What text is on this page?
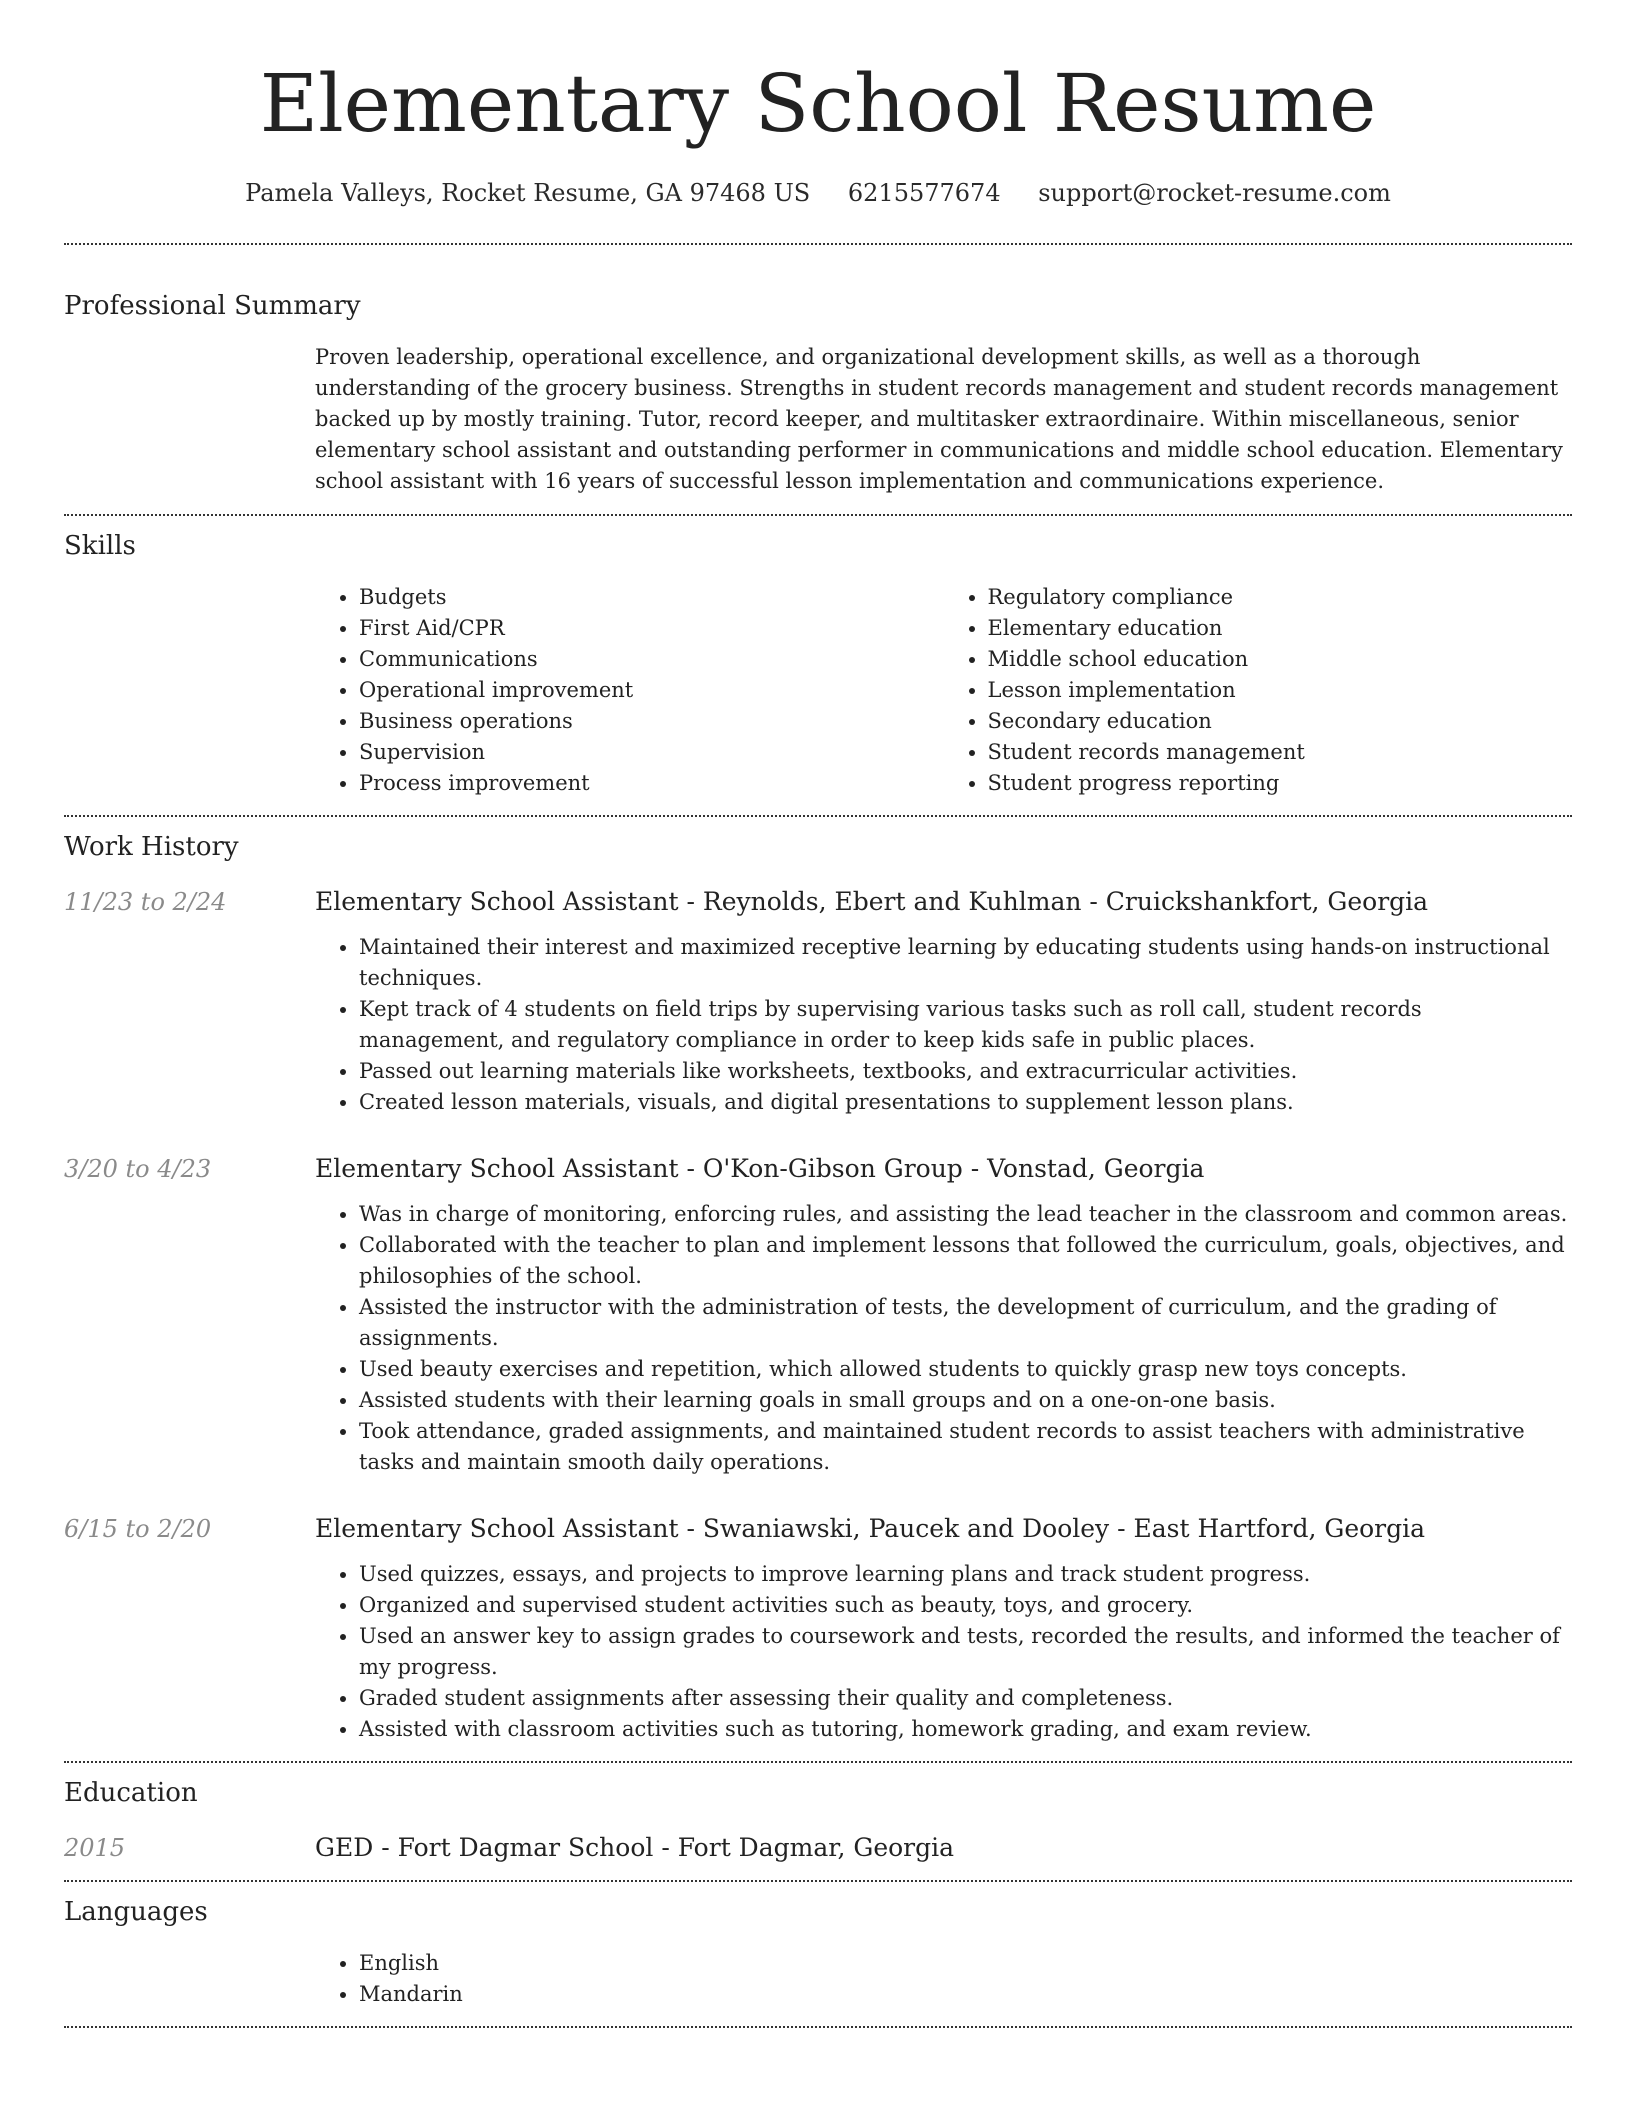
Elementary School Resume
Pamela Valleys, Rocket Resume, GA 97468 US 6215577674 support@rocket-resume.com
Professional Summary
Proven leadership, operational excellence, and organizational development skills, as well as a thorough understanding of the grocery business. Strengths in student records management and student records management backed up by mostly training. Tutor, record keeper, and multitasker extraordinaire. Within miscellaneous, senior elementary school assistant and outstanding performer in communications and middle school education. Elementary school assistant with 16 years of successful lesson implementation and communications experience.
Skills
• Budgets
• First Aid/CPR
• Communications
• Operational improvement
• Business operations
• Supervision
• Process improvement
• Regulatory compliance
• Elementary education
• Middle school education
• Lesson implementation
• Secondary education
• Student records management
• Student progress reporting
Work History
11/23 to 2/24	Elementary School Assistant - Reynolds, Ebert and Kuhlman - Cruickshankfort, Georgia
• Maintained their interest and maximized receptive learning by educating students using hands-on instructional techniques.
• Kept track of 4 students on field trips by supervising various tasks such as roll call, student records management, and regulatory compliance in order to keep kids safe in public places.
• Passed out learning materials like worksheets, textbooks, and extracurricular activities.
• Created lesson materials, visuals, and digital presentations to supplement lesson plans.
3/20 to 4/23	Elementary School Assistant - O'Kon-Gibson Group - Vonstad, Georgia
• Was in charge of monitoring, enforcing rules, and assisting the lead teacher in the classroom and common areas.
• Collaborated with the teacher to plan and implement lessons that followed the curriculum, goals, objectives, and philosophies of the school.
• Assisted the instructor with the administration of tests, the development of curriculum, and the grading of assignments.
• Used beauty exercises and repetition, which allowed students to quickly grasp new toys concepts.
• Assisted students with their learning goals in small groups and on a one-on-one basis.
• Took attendance, graded assignments, and maintained student records to assist teachers with administrative tasks and maintain smooth daily operations.
6/15 to 2/20	Elementary School Assistant - Swaniawski, Paucek and Dooley - East Hartford, Georgia
• Used quizzes, essays, and projects to improve learning plans and track student progress.
• Organized and supervised student activities such as beauty, toys, and grocery.
• Used an answer key to assign grades to coursework and tests, recorded the results, and informed the teacher of my progress.
• Graded student assignments after assessing their quality and completeness.
• Assisted with classroom activities such as tutoring, homework grading, and exam review.
Education
2015	GED - Fort Dagmar School - Fort Dagmar, Georgia
Languages
• English
• Mandarin
